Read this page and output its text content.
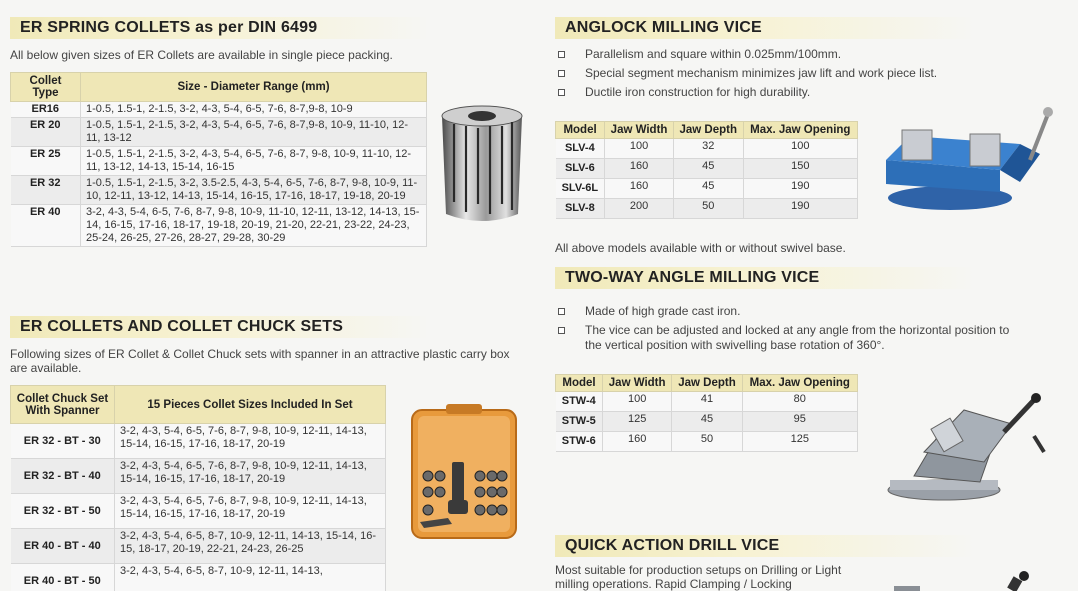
ER SPRING COLLETS as per DIN 6499
All below given sizes of ER Collets are available in single piece packing.
Collet Type	Size - Diameter Range (mm)
ER16	1-0.5, 1.5-1, 2-1.5, 3-2, 4-3, 5-4, 6-5, 7-6, 8-7,9-8, 10-9
ER 20	1-0.5, 1.5-1, 2-1.5, 3-2, 4-3, 5-4, 6-5, 7-6, 8-7,9-8, 10-9, 11-10, 12-11, 13-12
ER 25	1-0.5, 1.5-1, 2-1.5, 3-2, 4-3, 5-4, 6-5, 7-6, 8-7, 9-8, 10-9, 11-10, 12-11, 13-12, 14-13, 15-14, 16-15
ER 32	1-0.5, 1.5-1, 2-1.5, 3-2, 3.5-2.5, 4-3, 5-4, 6-5, 7-6, 8-7, 9-8, 10-9, 11-10, 12-11, 13-12, 14-13, 15-14, 16-15, 17-16, 18-17, 19-18, 20-19
ER 40	3-2, 4-3, 5-4, 6-5, 7-6, 8-7, 9-8, 10-9, 11-10, 12-11, 13-12, 14-13, 15-14, 16-15, 17-16, 18-17, 19-18, 20-19, 21-20, 22-21, 23-22, 24-23, 25-24, 26-25, 27-26, 28-27, 29-28, 30-29
ER COLLETS AND COLLET CHUCK SETS
Following sizes of ER Collet & Collet Chuck sets with spanner in an attractive plastic carry box are available.
Collet Chuck Set With Spanner	15 Pieces Collet Sizes Included In Set
ER 32 - BT - 30	3-2, 4-3, 5-4, 6-5, 7-6, 8-7, 9-8, 10-9, 12-11, 14-13, 15-14, 16-15, 17-16, 18-17, 20-19
ER 32 - BT - 40	3-2, 4-3, 5-4, 6-5, 7-6, 8-7, 9-8, 10-9, 12-11, 14-13, 15-14, 16-15, 17-16, 18-17, 20-19
ER 32 - BT - 50	3-2, 4-3, 5-4, 6-5, 7-6, 8-7, 9-8, 10-9, 12-11, 14-13, 15-14, 16-15, 17-16, 18-17, 20-19
ER 40 - BT - 40	3-2, 4-3, 5-4, 6-5, 8-7, 10-9, 12-11, 14-13, 15-14, 16-15, 18-17, 20-19, 22-21, 24-23, 26-25
ER 40 - BT - 50	3-2, 4-3, 5-4, 6-5, 8-7, 10-9, 12-11, 14-13,
ANGLOCK MILLING VICE
Parallelism and square within 0.025mm/100mm.
Special segment mechanism minimizes jaw lift and work piece list.
Ductile iron construction for high durability.
Model	Jaw Width	Jaw Depth	Max. Jaw Opening
SLV-4	100	32	100
SLV-6	160	45	150
SLV-6L	160	45	190
SLV-8	200	50	190
All above models available with or without swivel base.
TWO-WAY ANGLE MILLING VICE
Made of high grade cast iron.
The vice can be adjusted and locked at any angle from the horizontal position to the vertical position with swivelling base rotation of 360°.
Model	Jaw Width	Jaw Depth	Max. Jaw Opening
STW-4	100	41	80
STW-5	125	45	95
STW-6	160	50	125
QUICK ACTION DRILL VICE
Most suitable for production setups on Drilling or Light milling operations. Rapid Clamping / Locking
